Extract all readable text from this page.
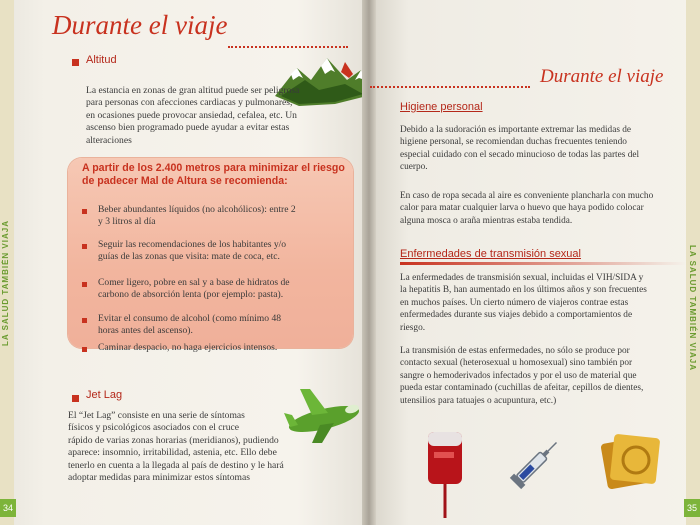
LA SALUD TAMBIÉN VIAJA
34
Durante el viaje
Altitud
La estancia en zonas de gran altitud puede ser peligrosa
para personas con afecciones cardiacas y pulmonares,
en ocasiones puede provocar ansiedad, cefalea, etc. Un
ascenso bien programado puede ayudar a evitar estas
alteraciones
A partir de los 2.400 metros para minimizar el riesgo
de padecer Mal de Altura se recomienda:
Beber abundantes líquidos (no alcohólicos): entre 2
y 3 litros al día
Seguir las recomendaciones de los habitantes y/o
guías de las zonas que visita: mate de coca, etc.
Comer ligero, pobre en sal y a base de hidratos de
carbono de absorción lenta (por ejemplo: pasta).
Evitar el consumo de alcohol (como mínimo 48
horas antes del ascenso).
Caminar despacio, no haga ejercicios intensos.
Jet Lag
El “Jet Lag” consiste en una serie de síntomas
físicos y psicológicos asociados con el cruce
rápido de varias zonas horarias (meridianos), pudiendo
aparece: insomnio, irritabilidad, astenia, etc. Ello debe
tenerlo en cuenta a la llegada al país de destino y le hará
adoptar medidas para minimizar estos síntomas
LA SALUD TAMBIÉN VIAJA
35
Durante el viaje
Higiene personal
Debido a la sudoración es importante extremar las medidas de
higiene personal, se recomiendan duchas frecuentes teniendo
especial cuidado con el secado minucioso de todas las partes del
cuerpo.
En caso de ropa secada al aire es conveniente plancharla con mucho
calor para matar cualquier larva o huevo que haya podido colocar
alguna mosca o araña mientras estaba tendida.
Enfermedades de transmisión sexual
La enfermedades de transmisión sexual, incluidas el VIH/SIDA y
la hepatitis B, han aumentado en los últimos años y son frecuentes
en muchos países. Un cierto número de viajeros contrae estas
enfermedades durante sus viajes debido a comportamientos de
riesgo.
La transmisión de estas enfermedades, no sólo se produce por
contacto sexual (heterosexual u homosexual) sino también por
sangre o hemoderivados infectados y por el uso de material que
pueda estar contaminado (cuchillas de afeitar, cepillos de dientes,
utensilios para tatuajes o acupuntura, etc.)
